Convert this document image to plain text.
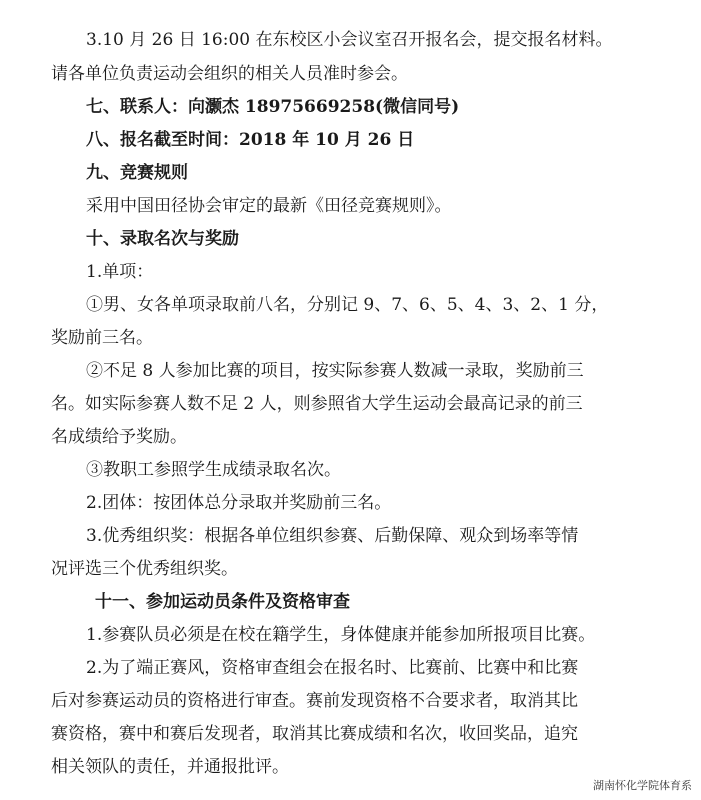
3.10 月 26 日 16:00 在东校区小会议室召开报名会，提交报名材料。
请各单位负责运动会组织的相关人员准时参会。
七、联系人：向灏杰 18975669258(微信同号)
八、报名截至时间：2018 年 10 月 26 日
九、竞赛规则
采用中国田径协会审定的最新《田径竞赛规则》。
十、录取名次与奖励
1.单项：
①男、女各单项录取前八名，分别记 9、7、6、5、4、3、2、1 分，
奖励前三名。
②不足 8 人参加比赛的项目，按实际参赛人数减一录取，奖励前三
名。如实际参赛人数不足 2 人，则参照省大学生运动会最高记录的前三
名成绩给予奖励。
③教职工参照学生成绩录取名次。
2.团体：按团体总分录取并奖励前三名。
3.优秀组织奖：根据各单位组织参赛、后勤保障、观众到场率等情
况评选三个优秀组织奖。
十一、参加运动员条件及资格审查
1.参赛队员必须是在校在籍学生，身体健康并能参加所报项目比赛。
2.为了端正赛风，资格审查组会在报名时、比赛前、比赛中和比赛
后对参赛运动员的资格进行审查。赛前发现资格不合要求者，取消其比
赛资格，赛中和赛后发现者，取消其比赛成绩和名次，收回奖品，追究
相关领队的责任，并通报批评。
湖南怀化学院体育系
